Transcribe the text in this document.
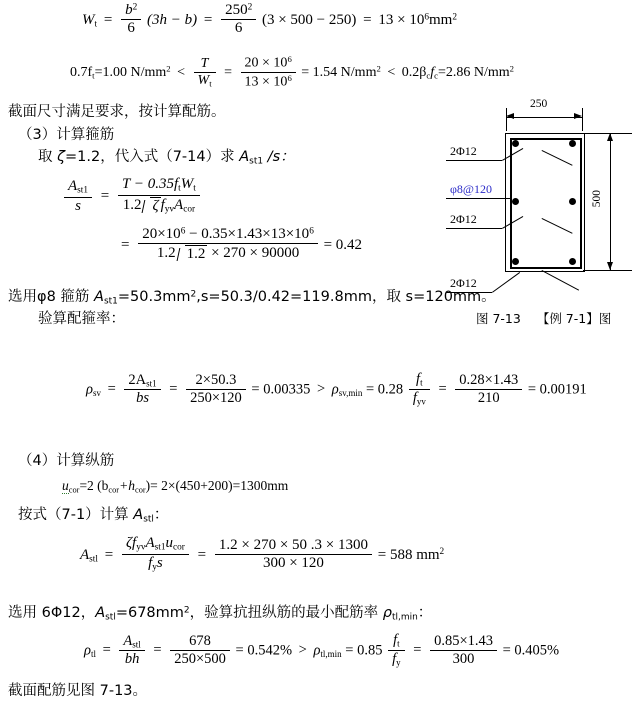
$W_t = \frac{b^2}{6} (3h - b) = \frac{250^2}{6} (3 \times 500 - 250) = 13 \times 10^6mm^2$
$0.7f_t=1.00$ $N/mm^2 < \frac{T}{W_t} = \frac{20 \times 10^6}{13 \times 10^6} = 1.54$ $N/mm^2 < 0.2\beta_cf_c=2.86$ $N/mm^2$
截面尺寸满足要求，按计算配筋。
（3）计算箍筋
取 ζ=1.2，代入式（7-14）求 $A_{st1}$ /s：
$\frac{A_{st1}}{s} = \frac{T - 0.35f_tW_t}{1.2 \zeta f_{yv}A_{cor}}$
= $\frac{20\times 10^6 - 0.35\times 1.43\times 13\times 10^6}{1.2 1.2 \times 270 \times 90000} = 0.42$
选用φ8 箍筋 $A_{st1}=50.3mm^2,s=50.3/0.42=119.8mm$，取 s=120mm。
验算配箍率：
$\rho_{sv} = \frac{2A_{st1}}{bs} = \frac{2\times 50.3}{250\times 120} = 0.00335 > \rho_{sv,min} = 0.28 \frac{f_t}{f_{yv}} = \frac{0.28\times 1.43}{210} = 0.00191$
（4）计算纵筋
$u_{cor}=2$ $(b_{cor}+h_{cor})= 2\times(450+200)=1300mm$
按式（7-1）计算 $A_{stl}$：
$A_{stl} = \frac{\zeta f_{yv}A_{st1}u_{cor}}{f_ys} = \frac{1.2 \times 270 \times 50 .3 \times 1300}{300 \times 120} = 588$ $mm^2$
选用 6Φ12，$A_{stl}=678mm^2$，验算抗扭纵筋的最小配筋率 $\rho_{tl,min}$：
$\rho_{tl} = \frac{A_{stl}}{bh} = \frac{678}{250\times 500} = 0.542\% > \rho_{tl,min} = 0.85 \frac{f_t}{f_y} = \frac{0.85\times 1.43}{300} = 0.405\%$
截面配筋见图 7-13。
250
500
2Φ12
φ8@120
2Φ12
2Φ12
图 7-13 【例 7-1】图
